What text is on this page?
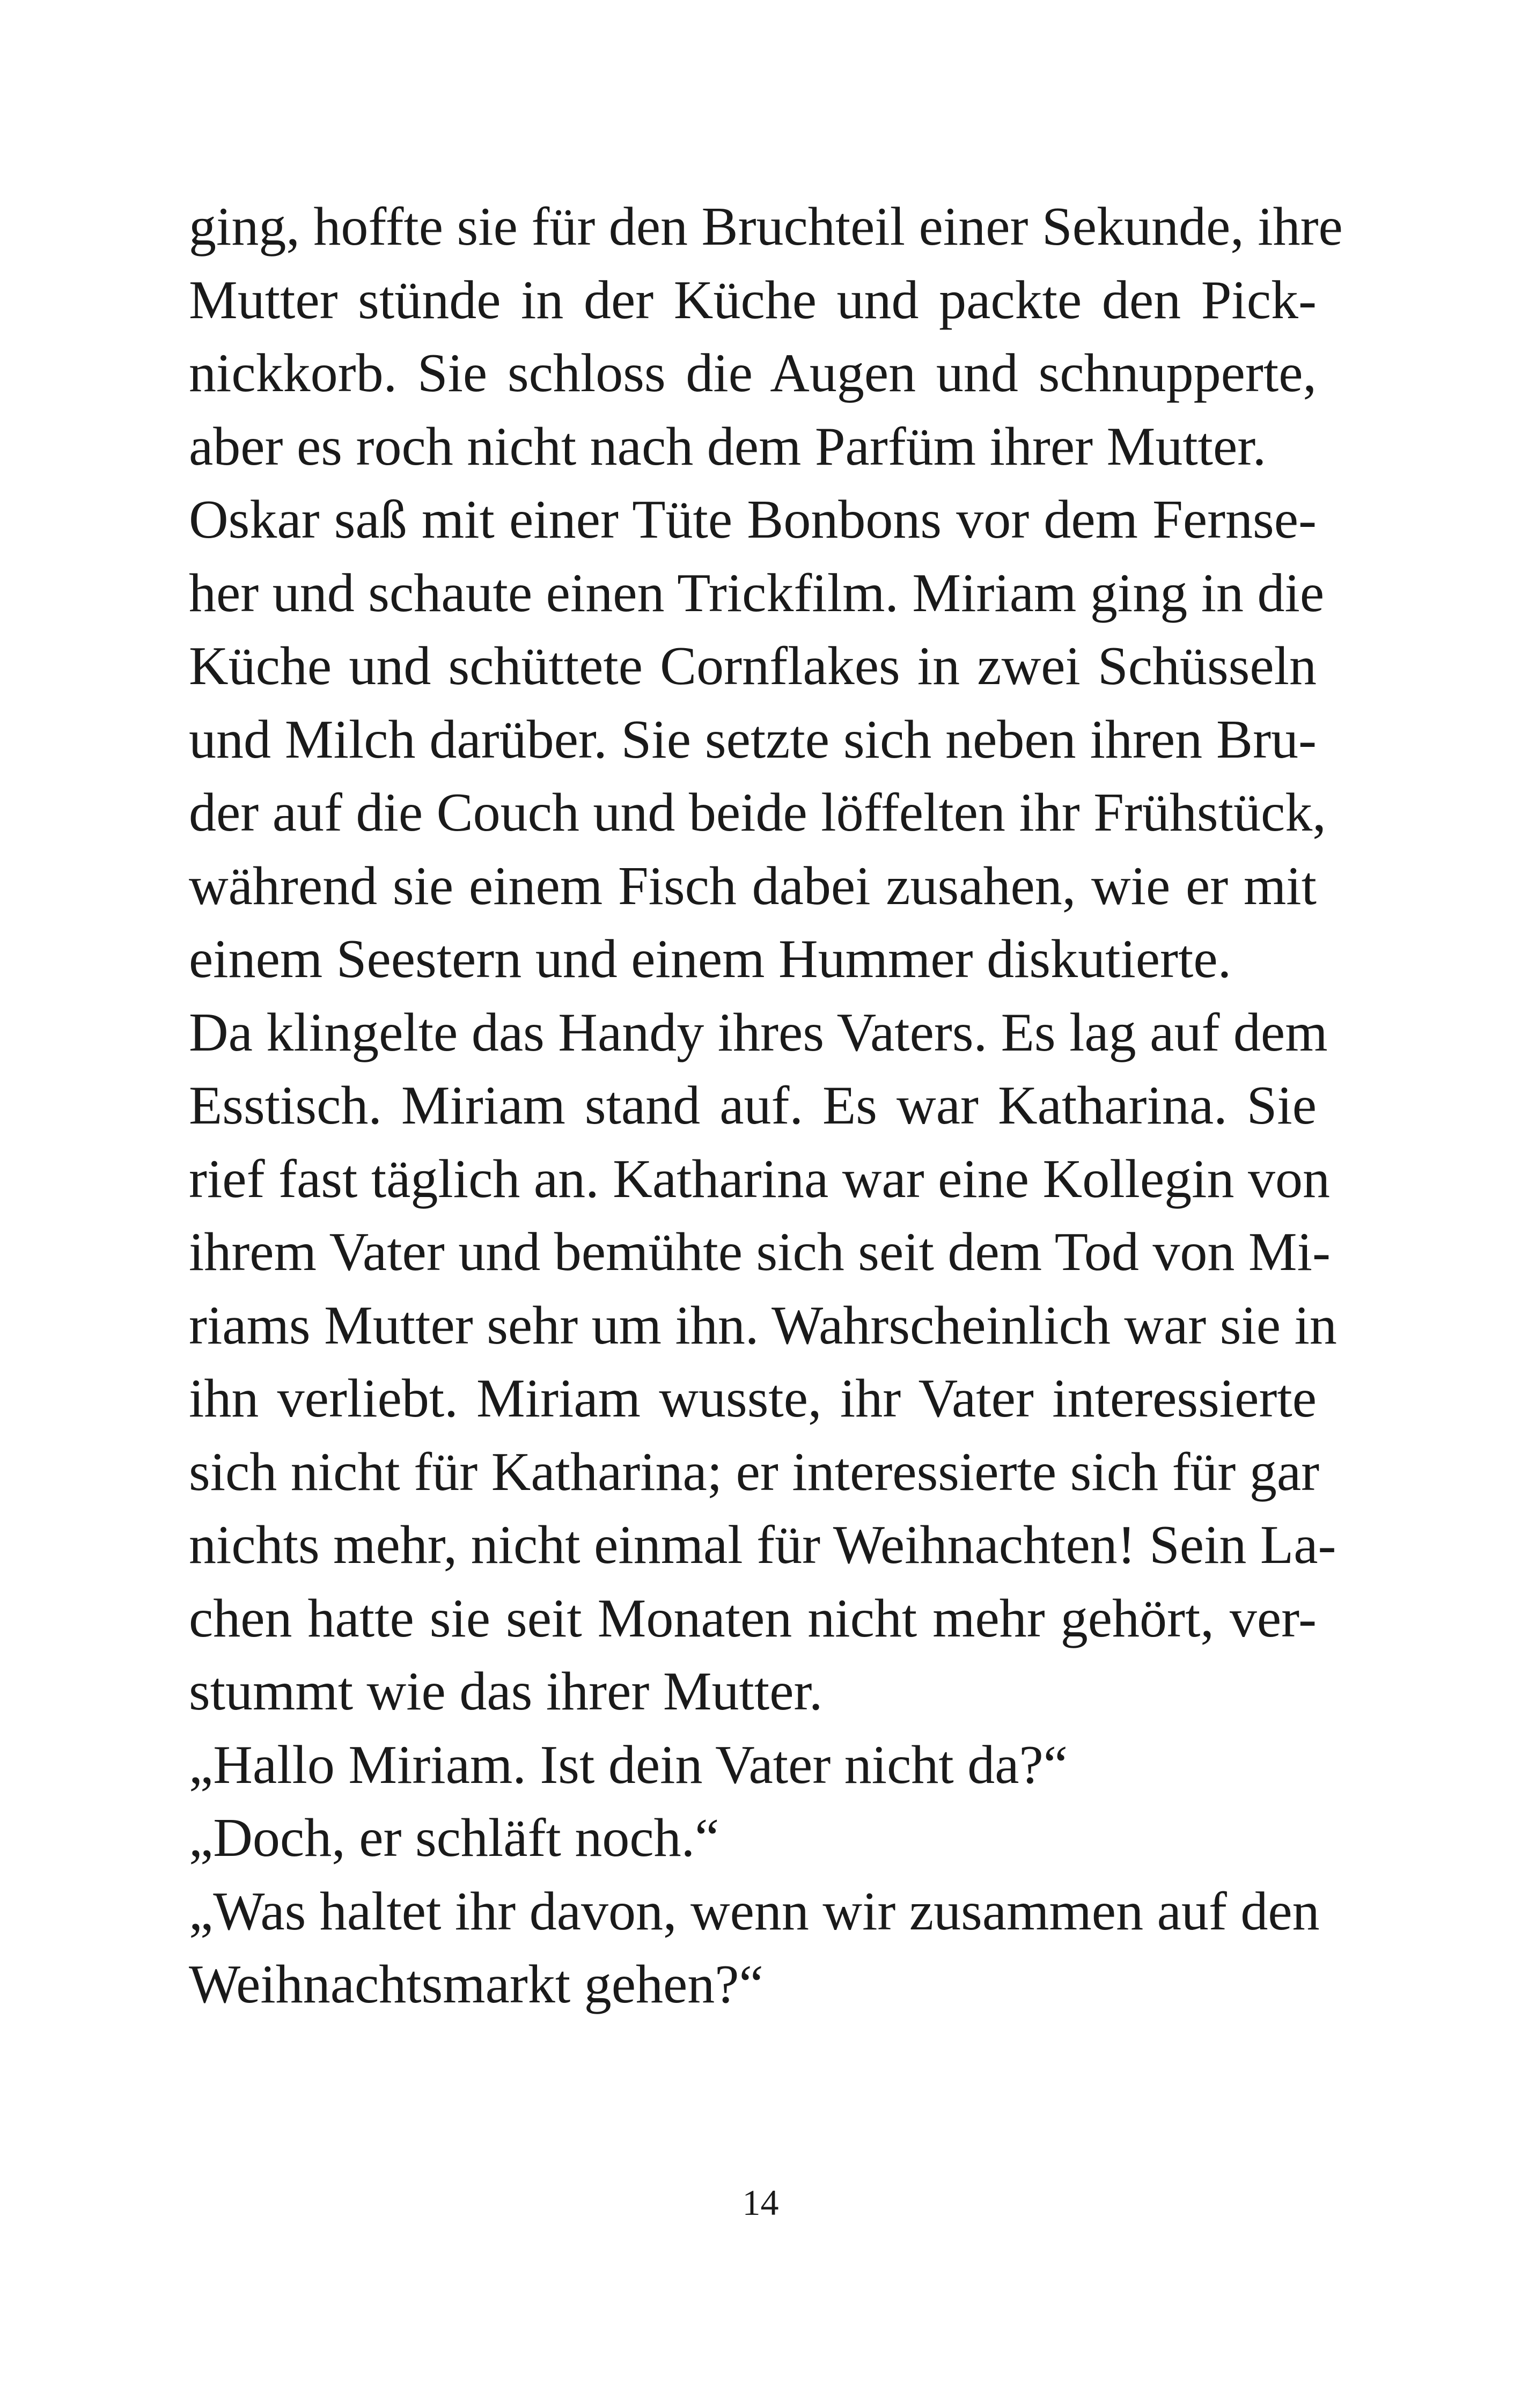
ging, hoffte sie für den Bruchteil einer Sekunde, ihre
Mutter stünde in der Küche und packte den Pick-
nickkorb. Sie schloss die Augen und schnupperte,
aber es roch nicht nach dem Parfüm ihrer Mutter.
Oskar saß mit einer Tüte Bonbons vor dem Fernse-
her und schaute einen Trickfilm. Miriam ging in die
Küche und schüttete Cornflakes in zwei Schüsseln
und Milch darüber. Sie setzte sich neben ihren Bru-
der auf die Couch und beide löffelten ihr Frühstück,
während sie einem Fisch dabei zusahen, wie er mit
einem Seestern und einem Hummer diskutierte.
Da klingelte das Handy ihres Vaters. Es lag auf dem
Esstisch. Miriam stand auf. Es war Katharina. Sie
rief fast täglich an. Katharina war eine Kollegin von
ihrem Vater und bemühte sich seit dem Tod von Mi-
riams Mutter sehr um ihn. Wahrscheinlich war sie in
ihn verliebt. Miriam wusste, ihr Vater interessierte
sich nicht für Katharina; er interessierte sich für gar
nichts mehr, nicht einmal für Weihnachten! Sein La-
chen hatte sie seit Monaten nicht mehr gehört, ver-
stummt wie das ihrer Mutter.
„Hallo Miriam. Ist dein Vater nicht da?“
„Doch, er schläft noch.“
„Was haltet ihr davon, wenn wir zusammen auf den
Weihnachtsmarkt gehen?“
14
